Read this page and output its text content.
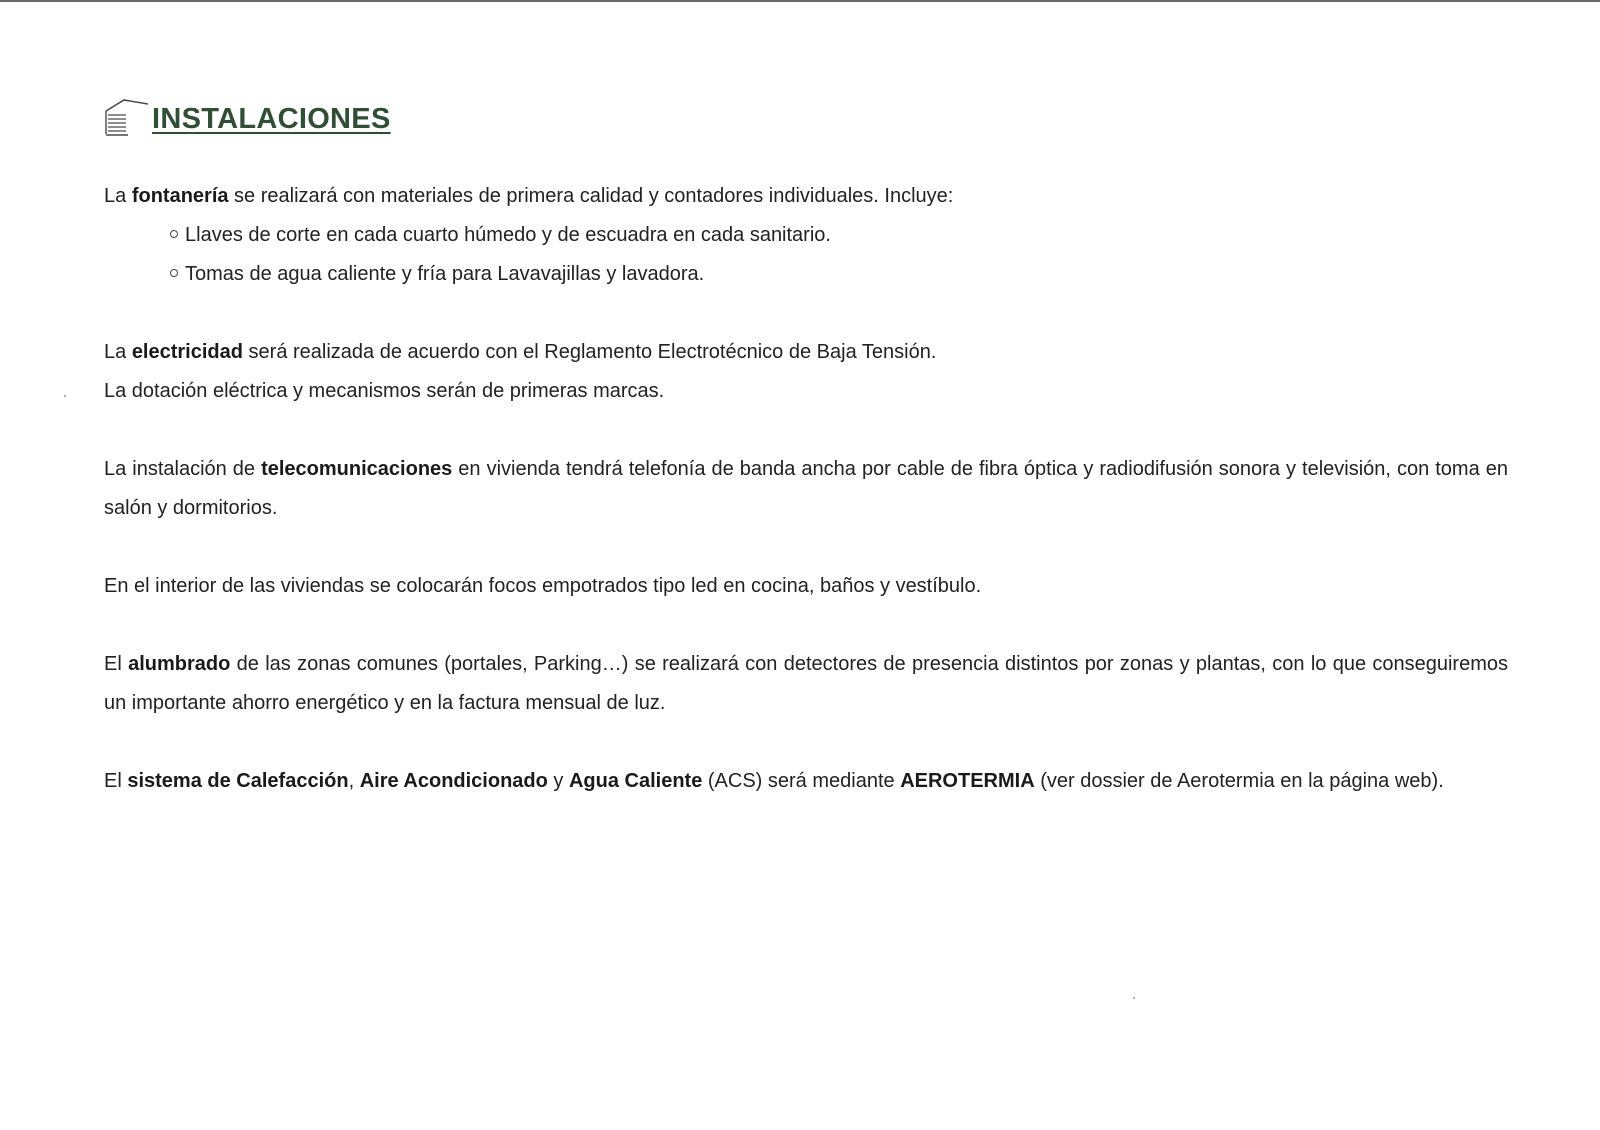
INSTALACIONES

La fontanería se realizará con materiales de primera calidad y contadores individuales. Incluye:

Llaves de corte en cada cuarto húmedo y de escuadra en cada sanitario.
Tomas de agua caliente y fría para Lavavajillas y lavadora.

La electricidad será realizada de acuerdo con el Reglamento Electrotécnico de Baja Tensión.

La dotación eléctrica y mecanismos serán de primeras marcas.

La instalación de telecomunicaciones en vivienda tendrá telefonía de banda ancha por cable de fibra óptica y radiodifusión sonora y televisión, con toma en salón y dormitorios.

En el interior de las viviendas se colocarán focos empotrados tipo led en cocina, baños y vestíbulo.

El alumbrado de las zonas comunes (portales, Parking…) se realizará con detectores de presencia distintos por zonas y plantas, con lo que conseguiremos un importante ahorro energético y en la factura mensual de luz.

El sistema de Calefacción, Aire Acondicionado y Agua Caliente (ACS) será mediante AEROTERMIA (ver dossier de Aerotermia en la página web).
